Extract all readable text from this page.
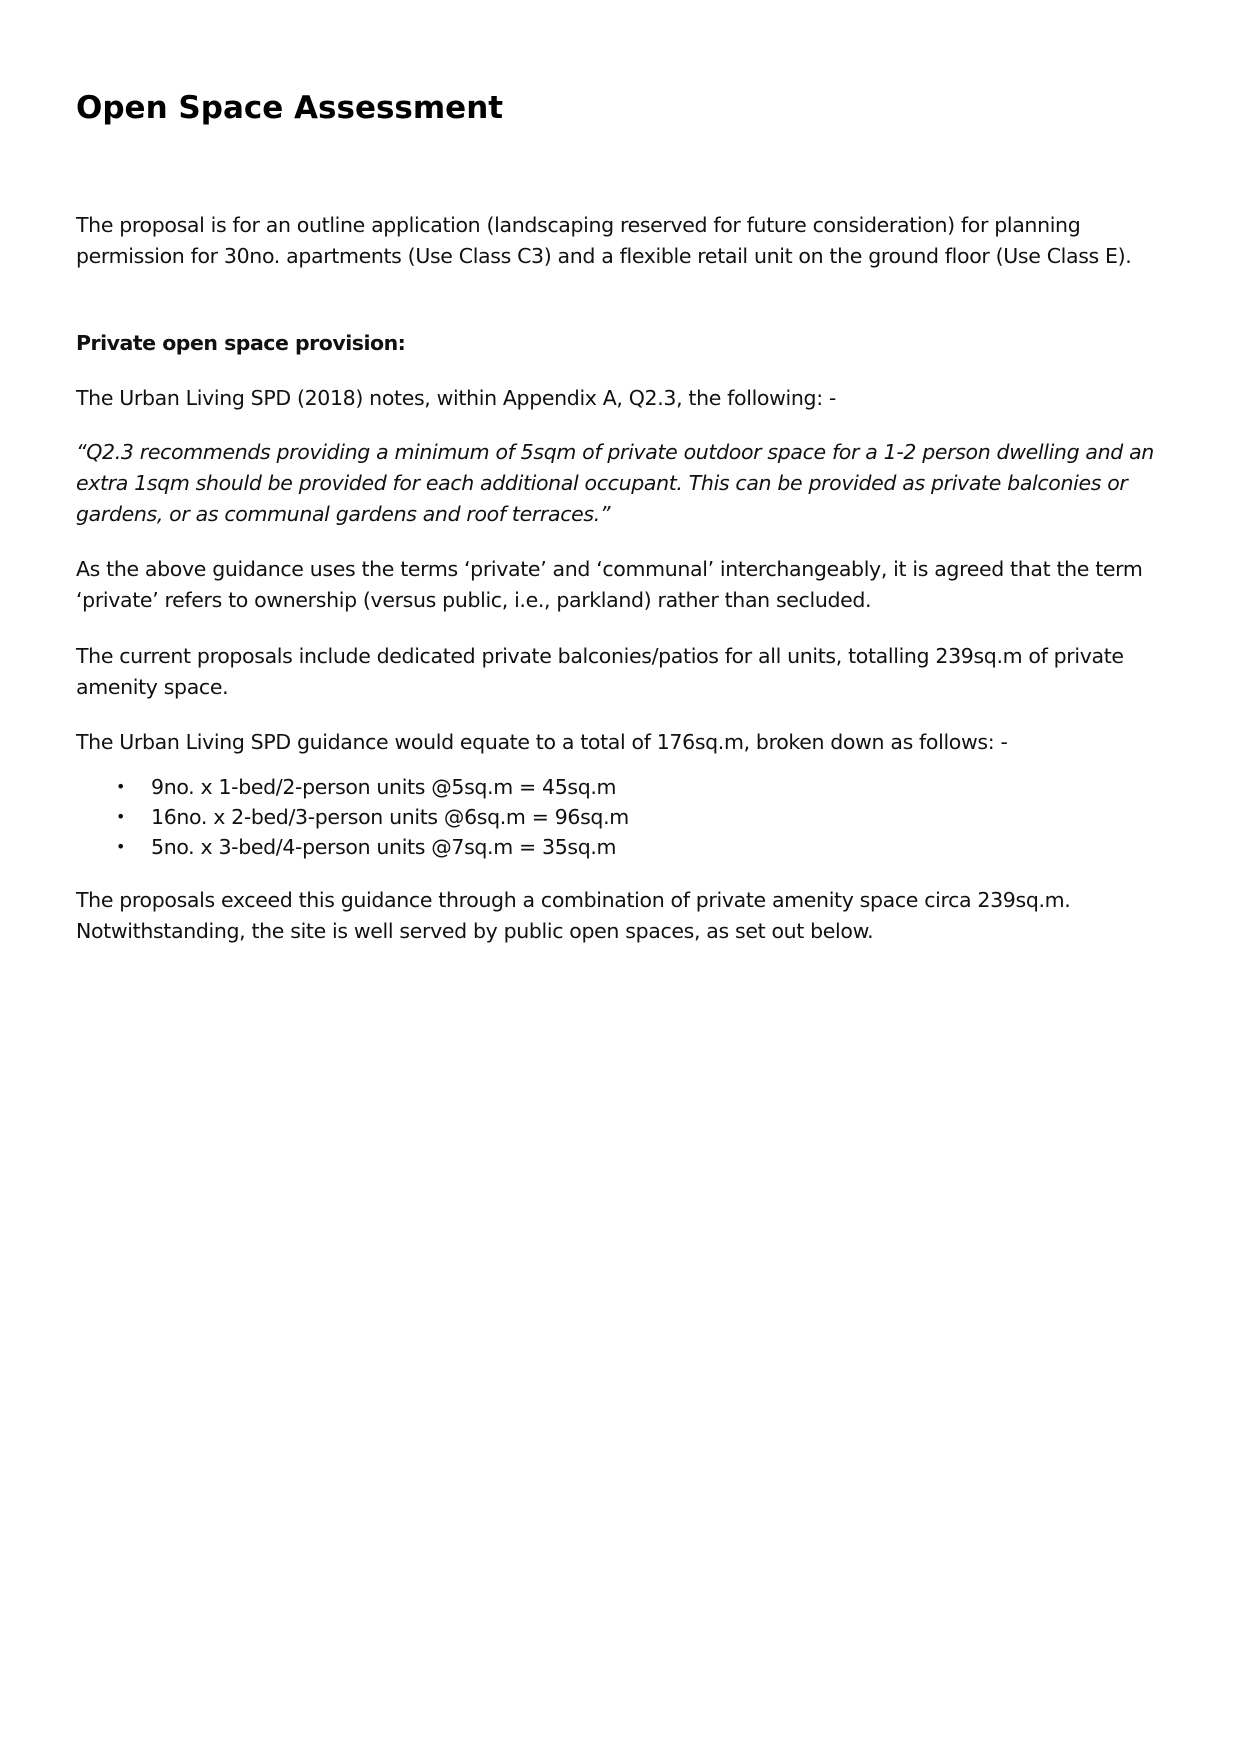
Open Space Assessment

The proposal is for an outline application (landscaping reserved for future consideration) for planning permission for 30no. apartments (Use Class C3) and a flexible retail unit on the ground floor (Use Class E).

Private open space provision:

The Urban Living SPD (2018) notes, within Appendix A, Q2.3, the following: -

“Q2.3 recommends providing a minimum of 5sqm of private outdoor space for a 1-2 person dwelling and an extra 1sqm should be provided for each additional occupant. This can be provided as private balconies or gardens, or as communal gardens and roof terraces.”

As the above guidance uses the terms ‘private’ and ‘communal’ interchangeably, it is agreed that the term ‘private’ refers to ownership (versus public, i.e., parkland) rather than secluded.

The current proposals include dedicated private balconies/patios for all units, totalling 239sq.m of private amenity space.

The Urban Living SPD guidance would equate to a total of 176sq.m, broken down as follows: -

• 9no. x 1-bed/2-person units @5sq.m = 45sq.m
• 16no. x 2-bed/3-person units @6sq.m = 96sq.m
• 5no. x 3-bed/4-person units @7sq.m = 35sq.m

The proposals exceed this guidance through a combination of private amenity space circa 239sq.m. Notwithstanding, the site is well served by public open spaces, as set out below.
